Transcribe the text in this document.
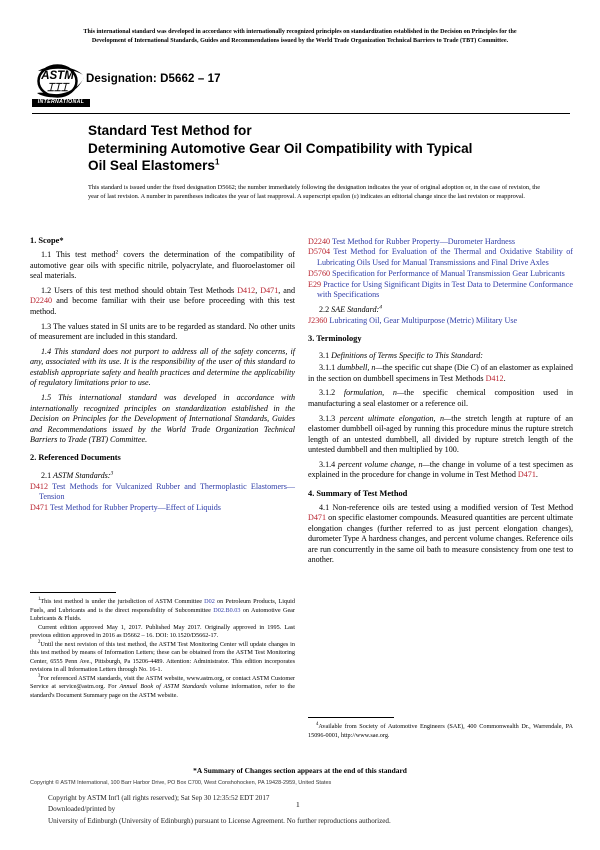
This international standard was developed in accordance with internationally recognized principles on standardization established in the Decision on Principles for the
Development of International Standards, Guides and Recommendations issued by the World Trade Organization Technical Barriers to Trade (TBT) Committee.
ASTM
⌶⌶⌶
INTERNATIONAL
Designation: D5662 – 17
Standard Test Method for
Determining Automotive Gear Oil Compatibility with Typical
Oil Seal Elastomers$^1$
This standard is issued under the fixed designation D5662; the number immediately following the designation indicates the year of original adoption or, in the case of revision, the year of last revision. A number in parentheses indicates the year of last reapproval. A superscript epsilon (ε) indicates an editorial change since the last revision or reapproval.
1. Scope*

1.1 This test method$^2$ covers the determination of the compatibility of automotive gear oils with specific nitrile, polyacrylate, and fluoroelastomer oil seal materials.

1.2 Users of this test method should obtain Test Methods D412, D471, and D2240 and become familiar with their use before proceeding with this test method.

1.3 The values stated in SI units are to be regarded as standard. No other units of measurement are included in this standard.

1.4 This standard does not purport to address all of the safety concerns, if any, associated with its use. It is the responsibility of the user of this standard to establish appropriate safety and health practices and determine the applicability of regulatory limitations prior to use.

1.5 This international standard was developed in accordance with internationally recognized principles on standardization established in the Decision on Principles for the Development of International Standards, Guides and Recommendations issued by the World Trade Organization Technical Barriers to Trade (TBT) Committee.

2. Referenced Documents

2.1 ASTM Standards:$^3$

D412 Test Methods for Vulcanized Rubber and Thermoplastic Elastomers—Tension

D471 Test Method for Rubber Property—Effect of Liquids

D2240 Test Method for Rubber Property—Durometer Hardness

D5704 Test Method for Evaluation of the Thermal and Oxidative Stability of Lubricating Oils Used for Manual Transmissions and Final Drive Axles

D5760 Specification for Performance of Manual Transmission Gear Lubricants

E29 Practice for Using Significant Digits in Test Data to Determine Conformance with Specifications

2.2 SAE Standard:$^4$

J2360 Lubricating Oil, Gear Multipurpose (Metric) Military Use

3. Terminology

3.1 Definitions of Terms Specific to This Standard:

3.1.1 dumbbell, n—the specific cut shape (Die C) of an elastomer as explained in the section on dumbbell specimens in Test Methods D412.

3.1.2 formulation, n—the specific chemical composition used in manufacturing a seal elastomer or a reference oil.

3.1.3 percent ultimate elongation, n—the stretch length at rupture of an elastomer dumbbell oil-aged by running this procedure minus the rupture stretch length of an untested dumbbell, all divided by rupture stretch length of the untested dumbbell and then multiplied by 100.

3.1.4 percent volume change, n—the change in volume of a test specimen as explained in the procedure for change in volume in Test Method D471.

4. Summary of Test Method

4.1 Non-reference oils are tested using a modified version of Test Method D471 on specific elastomer compounds. Measured quantities are percent ultimate elongation changes (further referred to as just percent elongation changes), durometer Type A hardness changes, and percent volume changes. Reference oils are run concurrently in the same oil bath to measure consistency from one test to another.

$^1$This test method is under the jurisdiction of ASTM Committee D02 on Petroleum Products, Liquid Fuels, and Lubricants and is the direct responsibility of Subcommittee D02.B0.03 on Automotive Gear Lubricants & Fluids.

Current edition approved May 1, 2017. Published May 2017. Originally approved in 1995. Last previous edition approved in 2016 as D5662 – 16. DOI: 10.1520/D5662-17.

$^2$Until the next revision of this test method, the ASTM Test Monitoring Center will update changes in this test method by means of Information Letters; these can be obtained from the ASTM Test Monitoring Center, 6555 Penn Ave., Pittsburgh, Pa 15206-4489. Attention: Administrator. This edition incorporates revisions in all Information Letters through No. 16-1.

$^3$For referenced ASTM standards, visit the ASTM website, www.astm.org, or contact ASTM Customer Service at service@astm.org. For Annual Book of ASTM Standards volume information, refer to the standard's Document Summary page on the ASTM website.

$^4$Available from Society of Automotive Engineers (SAE), 400 Commonwealth Dr., Warrendale, PA 15096-0001, http://www.sae.org.

*A Summary of Changes section appears at the end of this standard
Copyright © ASTM International, 100 Barr Harbor Drive, PO Box C700, West Conshohocken, PA 19428-2959, United States
Copyright by ASTM Int'l (all rights reserved); Sat Sep 30 12:35:52 EDT 2017
Downloaded/printed by
University of Edinburgh (University of Edinburgh) pursuant to License Agreement. No further reproductions authorized.
1
